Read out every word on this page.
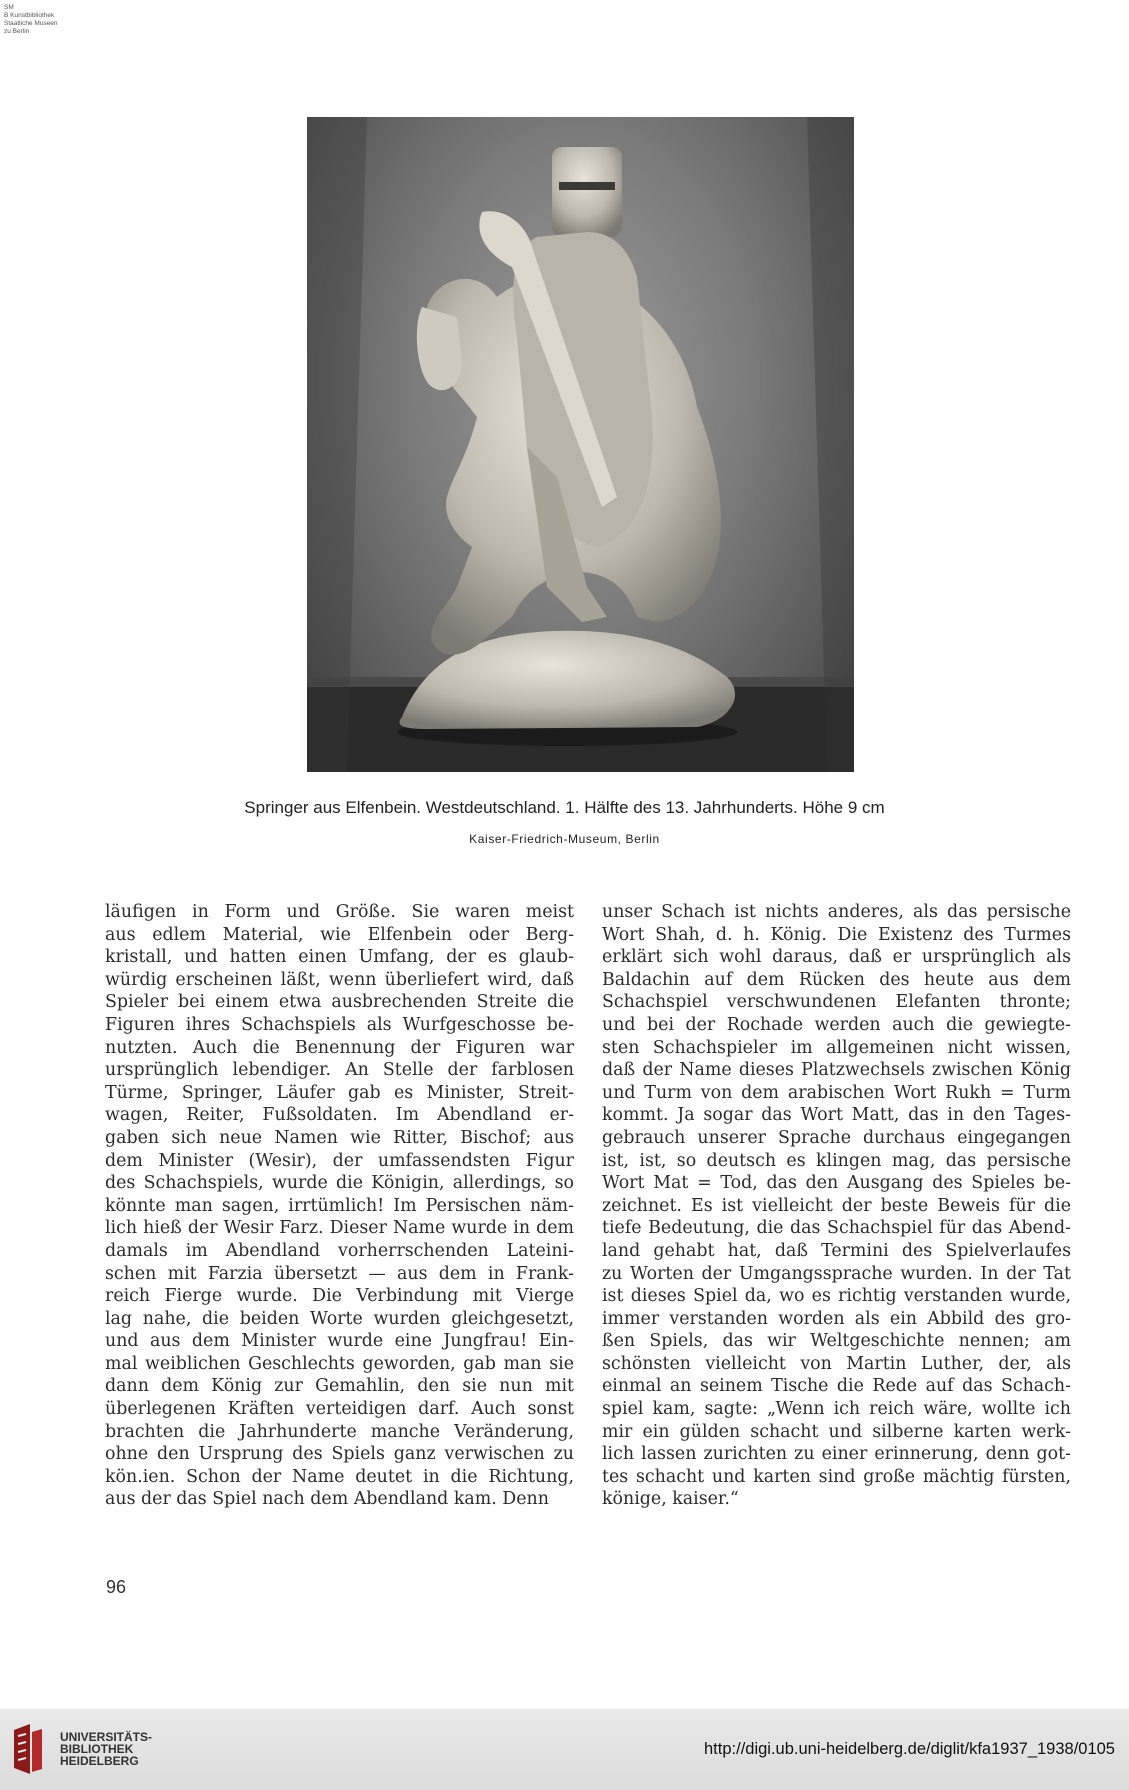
SM
B Kunstbibliothek
Staatliche Museen
zu Berlin
Springer aus Elfenbein. Westdeutschland. 1. Hälfte des 13. Jahrhunderts. Höhe 9 cm
Kaiser-Friedrich-Museum, Berlin
läufigen in Form und Größe. Sie waren meist
aus edlem Material, wie Elfenbein oder Berg-
kristall, und hatten einen Umfang, der es glaub-
würdig erscheinen läßt, wenn überliefert wird, daß
Spieler bei einem etwa ausbrechenden Streite die
Figuren ihres Schachspiels als Wurfgeschosse be-
nutzten. Auch die Benennung der Figuren war
ursprünglich lebendiger. An Stelle der farblosen
Türme, Springer, Läufer gab es Minister, Streit-
wagen, Reiter, Fußsoldaten. Im Abendland er-
gaben sich neue Namen wie Ritter, Bischof; aus
dem Minister (Wesir), der umfassendsten Figur
des Schachspiels, wurde die Königin, allerdings, so
könnte man sagen, irrtümlich! Im Persischen näm-
lich hieß der Wesir Farz. Dieser Name wurde in dem
damals im Abendland vorherrschenden Lateini-
schen mit Farzia übersetzt — aus dem in Frank-
reich Fierge wurde. Die Verbindung mit Vierge
lag nahe, die beiden Worte wurden gleichgesetzt,
und aus dem Minister wurde eine Jungfrau! Ein-
mal weiblichen Geschlechts geworden, gab man sie
dann dem König zur Gemahlin, den sie nun mit
überlegenen Kräften verteidigen darf. Auch sonst
brachten die Jahrhunderte manche Veränderung,
ohne den Ursprung des Spiels ganz verwischen zu
kön.ien. Schon der Name deutet in die Richtung,
aus der das Spiel nach dem Abendland kam. Denn
unser Schach ist nichts anderes, als das persische
Wort Shah, d. h. König. Die Existenz des Turmes
erklärt sich wohl daraus, daß er ursprünglich als
Baldachin auf dem Rücken des heute aus dem
Schachspiel verschwundenen Elefanten thronte;
und bei der Rochade werden auch die gewiegte-
sten Schachspieler im allgemeinen nicht wissen,
daß der Name dieses Platzwechsels zwischen König
und Turm von dem arabischen Wort Rukh = Turm
kommt. Ja sogar das Wort Matt, das in den Tages-
gebrauch unserer Sprache durchaus eingegangen
ist, ist, so deutsch es klingen mag, das persische
Wort Mat = Tod, das den Ausgang des Spieles be-
zeichnet. Es ist vielleicht der beste Beweis für die
tiefe Bedeutung, die das Schachspiel für das Abend-
land gehabt hat, daß Termini des Spielverlaufes
zu Worten der Umgangssprache wurden. In der Tat
ist dieses Spiel da, wo es richtig verstanden wurde,
immer verstanden worden als ein Abbild des gro-
ßen Spiels, das wir Weltgeschichte nennen; am
schönsten vielleicht von Martin Luther, der, als
einmal an seinem Tische die Rede auf das Schach-
spiel kam, sagte: „Wenn ich reich wäre, wollte ich
mir ein gülden schacht und silberne karten werk-
lich lassen zurichten zu einer erinnerung, denn got-
tes schacht und karten sind große mächtig fürsten,
könige, kaiser.“
96
UNIVERSITÄTS-
BIBLIOTHEK
HEIDELBERG
http://digi.ub.uni-heidelberg.de/diglit/kfa1937_1938/0105
